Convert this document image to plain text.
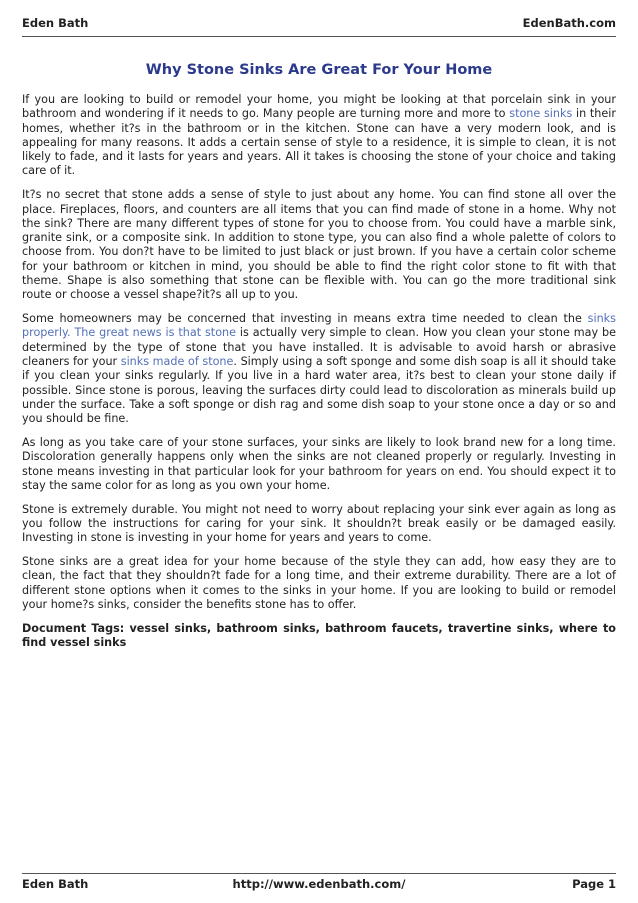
Eden Bath	EdenBath.com
Why Stone Sinks Are Great For Your Home

If you are looking to build or remodel your home, you might be looking at that porcelain sink in your bathroom and wondering if it needs to go. Many people are turning more and more to stone sinks in their homes, whether it?s in the bathroom or in the kitchen. Stone can have a very modern look, and is appealing for many reasons. It adds a certain sense of style to a residence, it is simple to clean, it is not likely to fade, and it lasts for years and years. All it takes is choosing the stone of your choice and taking care of it.

It?s no secret that stone adds a sense of style to just about any home. You can find stone all over the place. Fireplaces, floors, and counters are all items that you can find made of stone in a home. Why not the sink? There are many different types of stone for you to choose from. You could have a marble sink, granite sink, or a composite sink. In addition to stone type, you can also find a whole palette of colors to choose from. You don?t have to be limited to just black or just brown. If you have a certain color scheme for your bathroom or kitchen in mind, you should be able to find the right color stone to fit with that theme. Shape is also something that stone can be flexible with. You can go the more traditional sink route or choose a vessel shape?it?s all up to you.

Some homeowners may be concerned that investing in means extra time needed to clean the sinks properly. The great news is that stone is actually very simple to clean. How you clean your stone may be determined by the type of stone that you have installed. It is advisable to avoid harsh or abrasive cleaners for your sinks made of stone. Simply using a soft sponge and some dish soap is all it should take if you clean your sinks regularly. If you live in a hard water area, it?s best to clean your stone daily if possible. Since stone is porous, leaving the surfaces dirty could lead to discoloration as minerals build up under the surface. Take a soft sponge or dish rag and some dish soap to your stone once a day or so and you should be fine.

As long as you take care of your stone surfaces, your sinks are likely to look brand new for a long time. Discoloration generally happens only when the sinks are not cleaned properly or regularly. Investing in stone means investing in that particular look for your bathroom for years on end. You should expect it to stay the same color for as long as you own your home.

Stone is extremely durable. You might not need to worry about replacing your sink ever again as long as you follow the instructions for caring for your sink. It shouldn?t break easily or be damaged easily. Investing in stone is investing in your home for years and years to come.

Stone sinks are a great idea for your home because of the style they can add, how easy they are to clean, the fact that they shouldn?t fade for a long time, and their extreme durability. There are a lot of different stone options when it comes to the sinks in your home. If you are looking to build or remodel your home?s sinks, consider the benefits stone has to offer.

Document Tags: vessel sinks, bathroom sinks, bathroom faucets, travertine sinks, where to find vessel sinks

Eden Bath	http://www.edenbath.com/	Page 1
